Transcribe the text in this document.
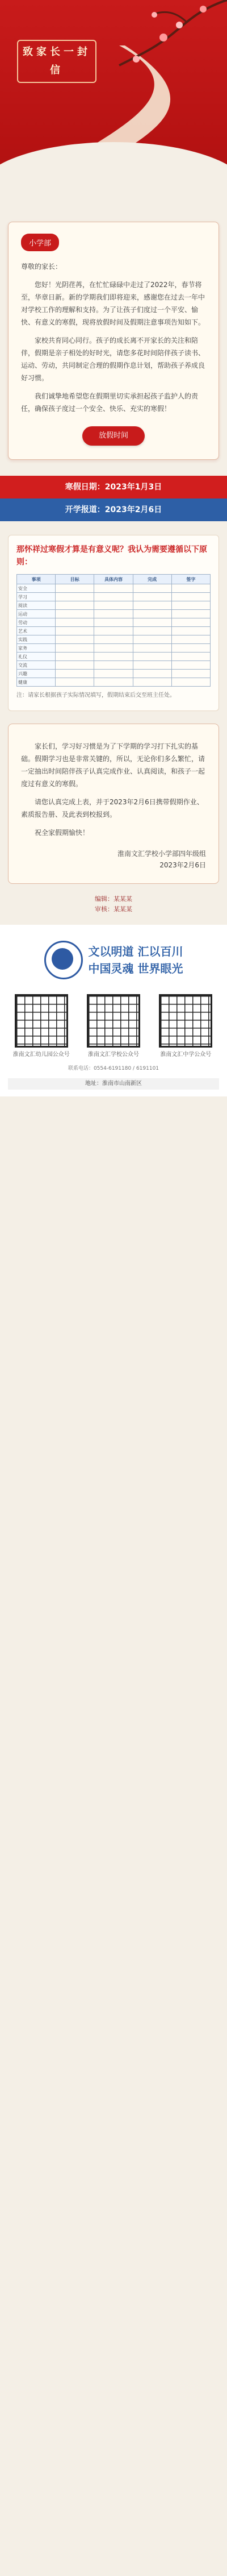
致家长一封信
小学部

尊敬的家长：

您好！光阴荏苒，在忙忙碌碌中走过了2022年，春节将至，华章日新。新的学期我们即将迎来，感谢您在过去一年中对学校工作的理解和支持。为了让孩子们度过一个平安、愉快、有意义的寒假，现将放假时间及假期注意事项告知如下。

家校共育同心同行。孩子的成长离不开家长的关注和陪伴，假期是亲子相处的好时光，请您多花时间陪伴孩子读书、运动、劳动，共同制定合理的假期作息计划，帮助孩子养成良好习惯。

我们诚挚地希望您在假期里切实承担起孩子监护人的责任，确保孩子度过一个安全、快乐、充实的寒假！

放假时间
寒假日期：2023年1月3日
开学报道：2023年2月6日

那怀祥过寒假才算是有意义呢？我认为需要遵循以下原则：

事项	目标	具体内容	完成	签字
安全				
学习				
阅读				
运动				
劳动				
艺术				
实践				
家务				
礼仪				
交流				
兴趣				
健康				
注：请家长根据孩子实际情况填写，假期结束后交至班主任处。

家长们，学习好习惯是为了下学期的学习打下扎实的基础。假期学习也是非常关键的，所以，无论你们多么繁忙，请一定抽出时间陪伴孩子认真完成作业、认真阅读，和孩子一起度过有意义的寒假。

请您认真完成上表，并于2023年2月6日携带假期作业、素质报告册、及此表到校报到。

祝全家假期愉快！

淮南文汇学校小学部四年级组
2023年2月6日
编辑：某某某
审核：某某某
文以明道 汇以百川
中国灵魂 世界眼光
淮南文汇幼儿园公众号	淮南文汇学校公众号	淮南文汇中学公众号
联系电话：0554-6191180 / 6191101
地址：淮南市山南新区
